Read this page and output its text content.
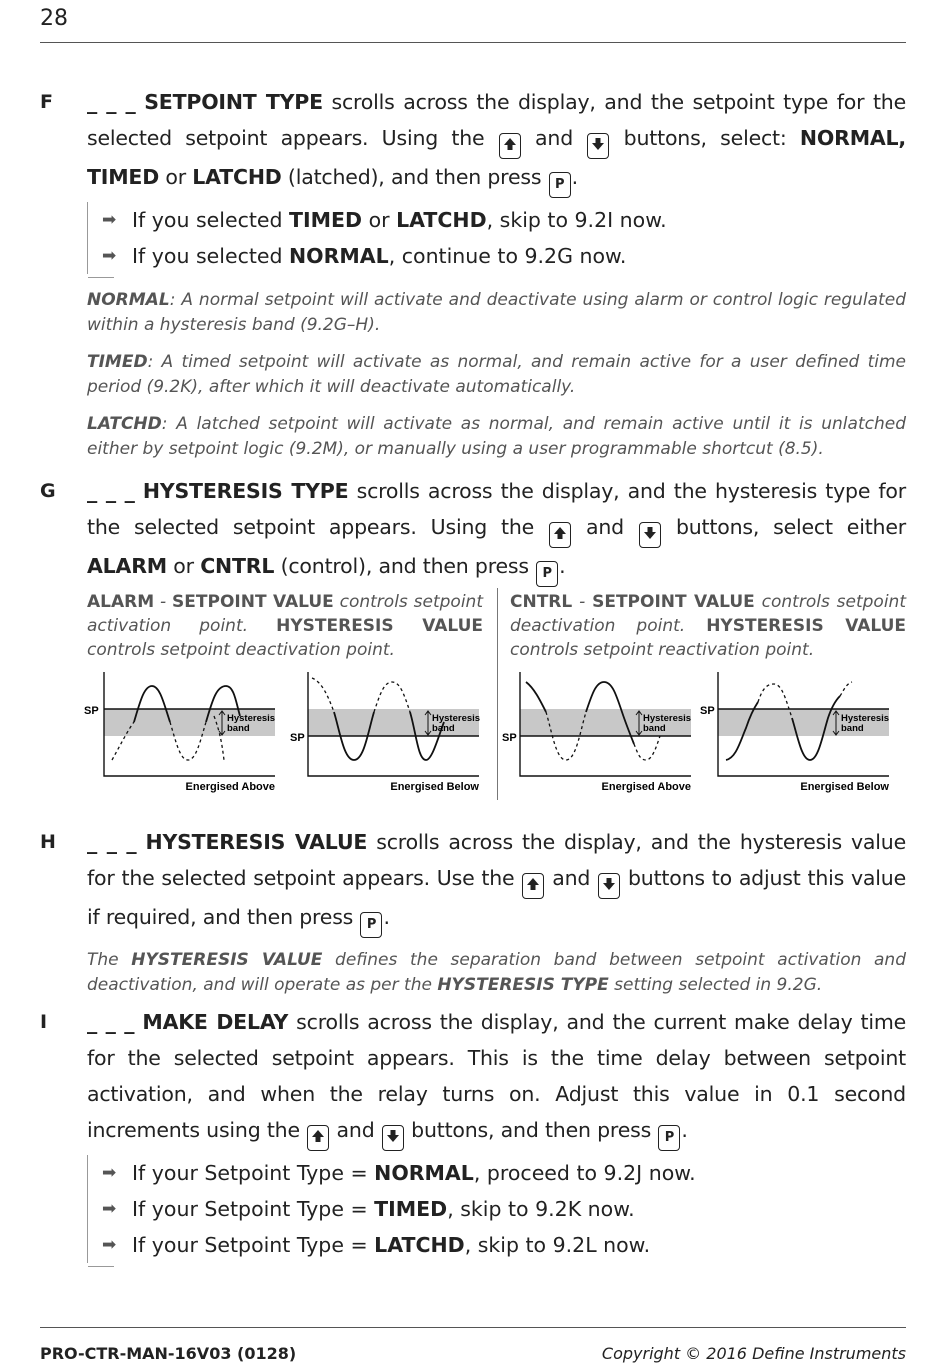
28
F _ _ _ SETPOINT TYPE scrolls across the display, and the setpoint type for the selected setpoint appears. Using the  and  buttons, select: NORMAL, TIMED or LATCHD (latched), and then press P .
➡ If you selected TIMED or LATCHD, skip to 9.2I now.
➡ If you selected NORMAL, continue to 9.2G now.
NORMAL: A normal setpoint will activate and deactivate using alarm or control logic regulated within a hysteresis band (9.2G–H).
TIMED: A timed setpoint will activate as normal, and remain active for a user defined time period (9.2K), after which it will deactivate automatically.
LATCHD: A latched setpoint will activate as normal, and remain active until it is unlatched either by setpoint logic (9.2M), or manually using a user programmable shortcut (8.5).
G _ _ _ HYSTERESIS TYPE scrolls across the display, and the hysteresis type for the selected setpoint appears. Using the  and  buttons, select either ALARM or CNTRL (control), and then press P .
ALARM - SETPOINT VALUE controls setpoint activation point. HYSTERESIS VALUE controls setpoint deactivation point.
CNTRL - SETPOINT VALUE controls setpoint deactivation point. HYSTERESIS VALUE controls setpoint reactivation point.
Hysteresis
band
SP
Energised Above
Hysteresis
band
SP
Energised Below
Hysteresis
band
SP
Energised Above
Hysteresis
band
SP
Energised Below
H _ _ _ HYSTERESIS VALUE scrolls across the display, and the hysteresis value for the selected setpoint appears. Use the  and  buttons to adjust this value if required, and then press P .
The HYSTERESIS VALUE defines the separation band between setpoint activation and deactivation, and will operate as per the HYSTERESIS TYPE setting selected in 9.2G.
I _ _ _ MAKE DELAY scrolls across the display, and the current make delay time for the selected setpoint appears. This is the time delay between setpoint activation, and when the relay turns on. Adjust this value in 0.1 second increments using the  and  buttons, and then press P .
➡ If your Setpoint Type = NORMAL, proceed to 9.2J now.
➡ If your Setpoint Type = TIMED, skip to 9.2K now.
➡ If your Setpoint Type = LATCHD, skip to 9.2L now.
PRO-CTR-MAN-16V03 (0128)	Copyright © 2016 Define Instruments
